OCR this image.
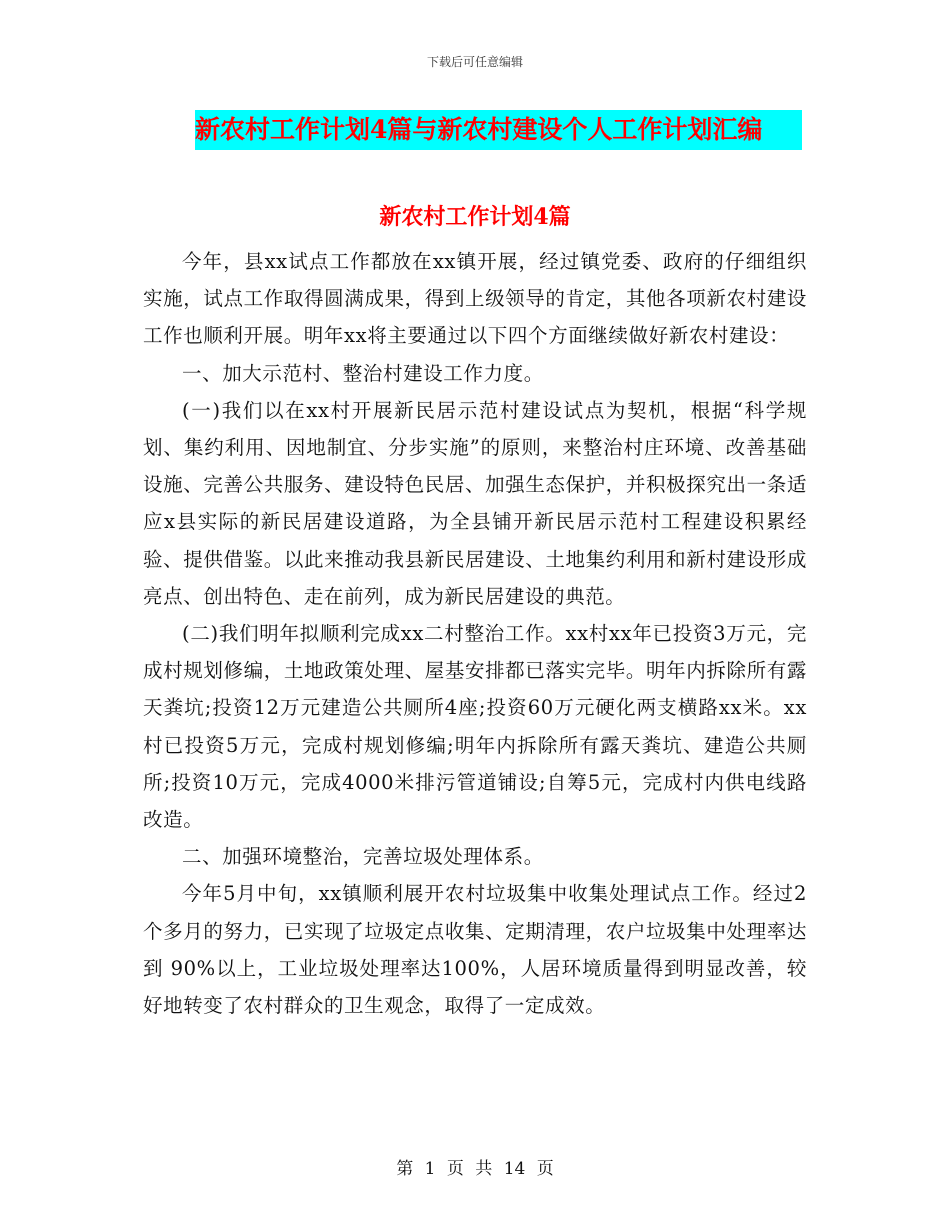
下载后可任意编辑
新农村工作计划4篇与新农村建设个人工作计划汇编
新农村工作计划4篇

今年，县xx试点工作都放在xx镇开展，经过镇党委、政府的仔细组织实施，试点工作取得圆满成果，得到上级领导的肯定，其他各项新农村建设工作也顺利开展。明年xx将主要通过以下四个方面继续做好新农村建设：

一、加大示范村、整治村建设工作力度。

(一)我们以在xx村开展新民居示范村建设试点为契机，根据“科学规划、集约利用、因地制宜、分步实施”的原则，来整治村庄环境、改善基础设施、完善公共服务、建设特色民居、加强生态保护，并积极探究出一条适应x县实际的新民居建设道路，为全县铺开新民居示范村工程建设积累经验、提供借鉴。以此来推动我县新民居建设、土地集约利用和新村建设形成亮点、创出特色、走在前列，成为新民居建设的典范。

(二)我们明年拟顺利完成xx二村整治工作。xx村xx年已投资3万元，完成村规划修编，土地政策处理、屋基安排都已落实完毕。明年内拆除所有露天粪坑;投资12万元建造公共厕所4座;投资60万元硬化两支横路xx米。xx村已投资5万元，完成村规划修编;明年内拆除所有露天粪坑、建造公共厕所;投资10万元，完成4000米排污管道铺设;自筹5元，完成村内供电线路改造。

二、加强环境整治，完善垃圾处理体系。

今年5月中旬，xx镇顺利展开农村垃圾集中收集处理试点工作。经过2个多月的努力，已实现了垃圾定点收集、定期清理，农户垃圾集中处理率达到 90%以上，工业垃圾处理率达100%，人居环境质量得到明显改善，较好地转变了农村群众的卫生观念，取得了一定成效。

第 1 页 共 14 页
